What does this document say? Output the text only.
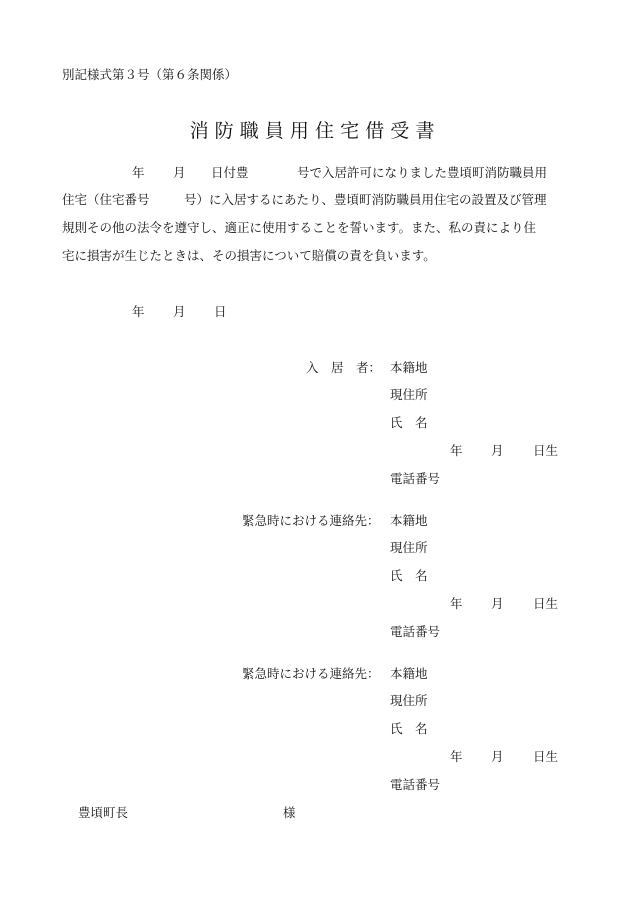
別記様式第３号（第６条関係）
消防職員用住宅借受書
年 月 日付豊	号で入居許可になりました豊頃町消防職員用
住宅（住宅番号	号）に入居するにあたり、豊頃町消防職員用住宅の設置及び管理
規則その他の法令を遵守し、適正に使用することを誓います。また、私の責により住
宅に損害が生じたときは、その損害について賠償の責を負います。
年 月 日
入　居　者： 本籍地
現住所
氏　名
年 月 日生
電話番号
緊急時における連絡先： 本籍地
現住所
氏　名
年 月 日生
電話番号
緊急時における連絡先： 本籍地
現住所
氏　名
年 月 日生
電話番号
豊頃町長	様
